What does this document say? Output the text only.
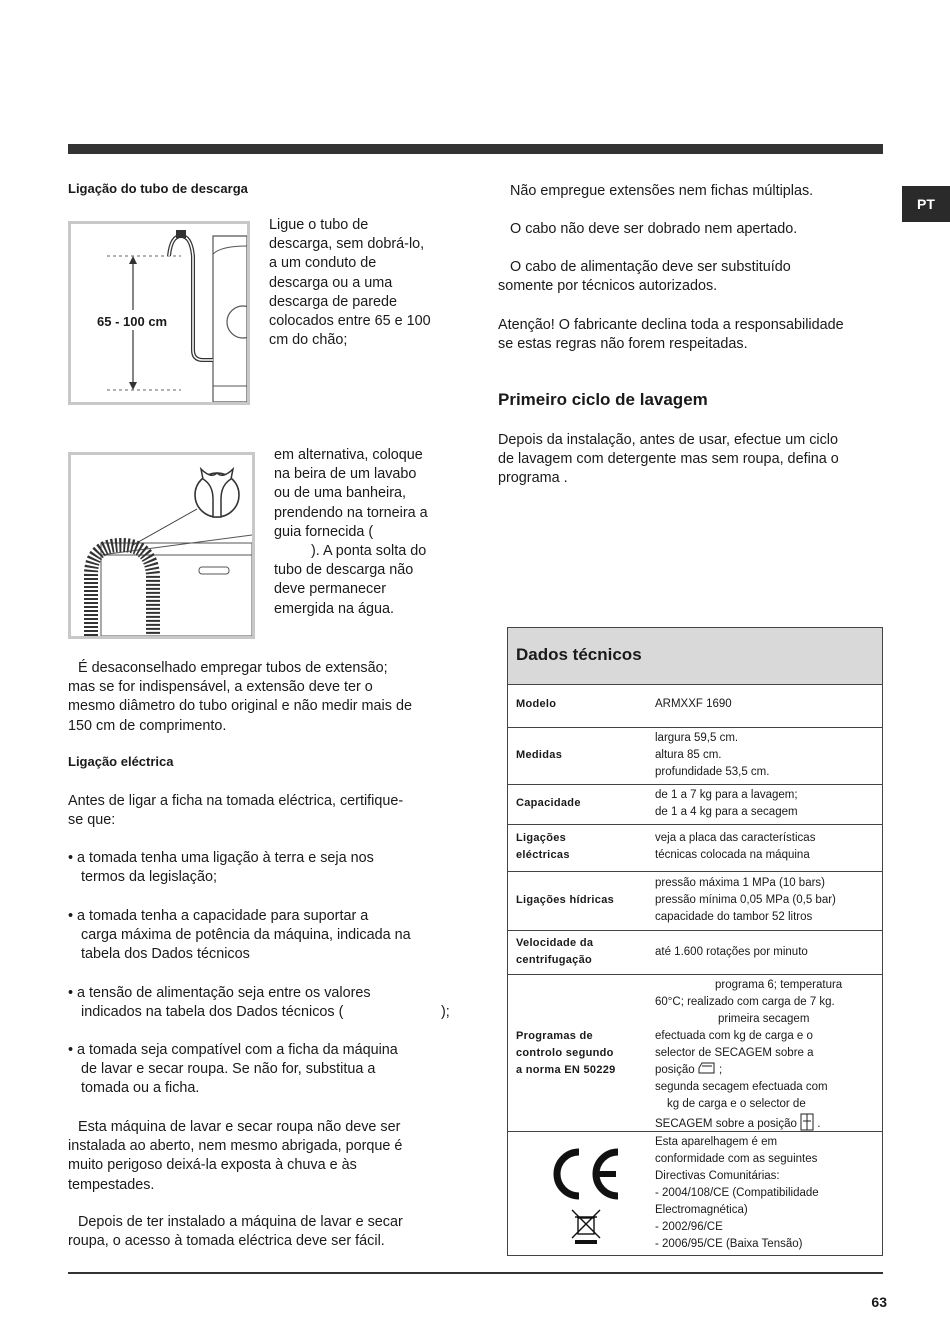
PT
Ligação do tubo de descarga
65 - 100 cm

Ligue o tubo de

descarga, sem dobrá-lo,

a um conduto de

descarga ou a uma

descarga de parede

colocados entre 65 e 100

cm do chão;

em alternativa, coloque

na beira de um lavabo

ou de uma banheira,

prendendo na torneira a

guia fornecida (

). A ponta solta do

tubo de descarga não

deve permanecer

emergida na água.

É desaconselhado empregar tubos de extensão;

mas se for indispensável, a extensão deve ter o

mesmo diâmetro do tubo original e não medir mais de

150 cm de comprimento.

Ligação eléctrica

Antes de ligar a ficha na tomada eléctrica, certifique-

se que:

• a tomada tenha uma ligação à terra e seja nos

termos da legislação;

• a tomada tenha a capacidade para suportar a

carga máxima de potência da máquina, indicada na

tabela dos Dados técnicos

• a tensão de alimentação seja entre os valores

indicados na tabela dos Dados técnicos (	);

• a tomada seja compatível com a ficha da máquina

de lavar e secar roupa. Se não for, substitua a

tomada ou a ficha.

Esta máquina de lavar e secar roupa não deve ser

instalada ao aberto, nem mesmo abrigada, porque é

muito perigoso deixá-la exposta à chuva e às

tempestades.

Depois de ter instalado a máquina de lavar e secar

roupa, o acesso à tomada eléctrica deve ser fácil.

Não empregue extensões nem fichas múltiplas.

O cabo não deve ser dobrado nem apertado.

O cabo de alimentação deve ser substituído

somente por técnicos autorizados.

Atenção! O fabricante declina toda a responsabilidade

se estas regras não forem respeitadas.

Primeiro ciclo de lavagem

Depois da instalação, antes de usar, efectue um ciclo

de lavagem com detergente mas sem roupa, defina o

programa .

Dados técnicos
Modelo	ARMXXF 1690
Medidas
largura 59,5 cm.
altura 85 cm.
profundidade 53,5 cm.
Capacidade
de 1 a 7 kg para a lavagem;
de 1 a 4 kg para a secagem
Ligações
eléctricas
veja a placa das características
técnicas colocada na máquina
Ligações hídricas
pressão máxima 1 MPa (10 bars)
pressão mínima 0,05 MPa (0,5 bar)
capacidade do tambor 52 litros
Velocidade da
centrifugação
até 1.600 rotações por minuto
Programas de
controlo segundo
a norma EN 50229
programa 6; temperatura
60°C; realizado com carga de 7 kg.
primeira secagem
efectuada com kg de carga e o
selector de SECAGEM sobre a
posição  ;
segunda secagem efectuada com
kg de carga e o selector de
SECAGEM sobre a posição  .
Esta aparelhagem é em
conformidade com as seguintes
Directivas Comunitárias:
- 2004/108/CE (Compatibilidade
Electromagnética)
- 2002/96/CE
- 2006/95/CE (Baixa Tensão)
63
